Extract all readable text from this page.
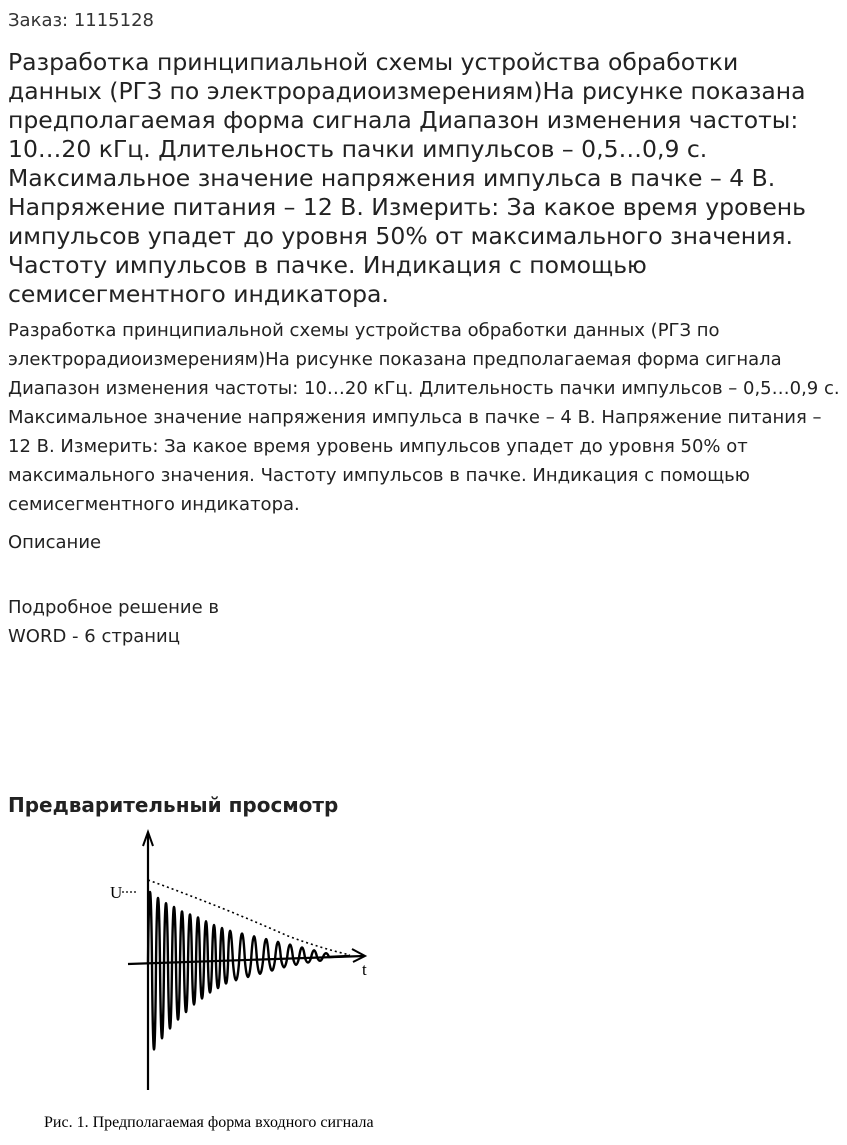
Заказ: 1115128
Разработка принципиальной схемы устройства обработки данных (РГЗ по электрорадиоизмерениям)На рисунке показана предполагаемая форма сигнала Диапазон изменения частоты: 10…20 кГц. Длительность пачки импульсов – 0,5…0,9 с. Максимальное значение напряжения импульса в пачке – 4 В. Напряжение питания – 12 В. Измерить: За какое время уровень импульсов упадет до уровня 50% от максимального значения. Частоту импульсов в пачке. Индикация с помощью семисегментного индикатора.

Разработка принципиальной схемы устройства обработки данных (РГЗ по электрорадиоизмерениям)На рисунке показана предполагаемая форма сигнала Диапазон изменения частоты: 10…20 кГц. Длительность пачки импульсов – 0,5…0,9 с. Максимальное значение напряжения импульса в пачке – 4 В. Напряжение питания – 12 В. Измерить: За какое время уровень импульсов упадет до уровня 50% от максимального значения. Частоту импульсов в пачке. Индикация с помощью семисегментного индикатора.

Описание
Подробное решение в
WORD - 6 страниц
Предварительный просмотр
U
t
Рис. 1. Предполагаемая форма входного сигнала
